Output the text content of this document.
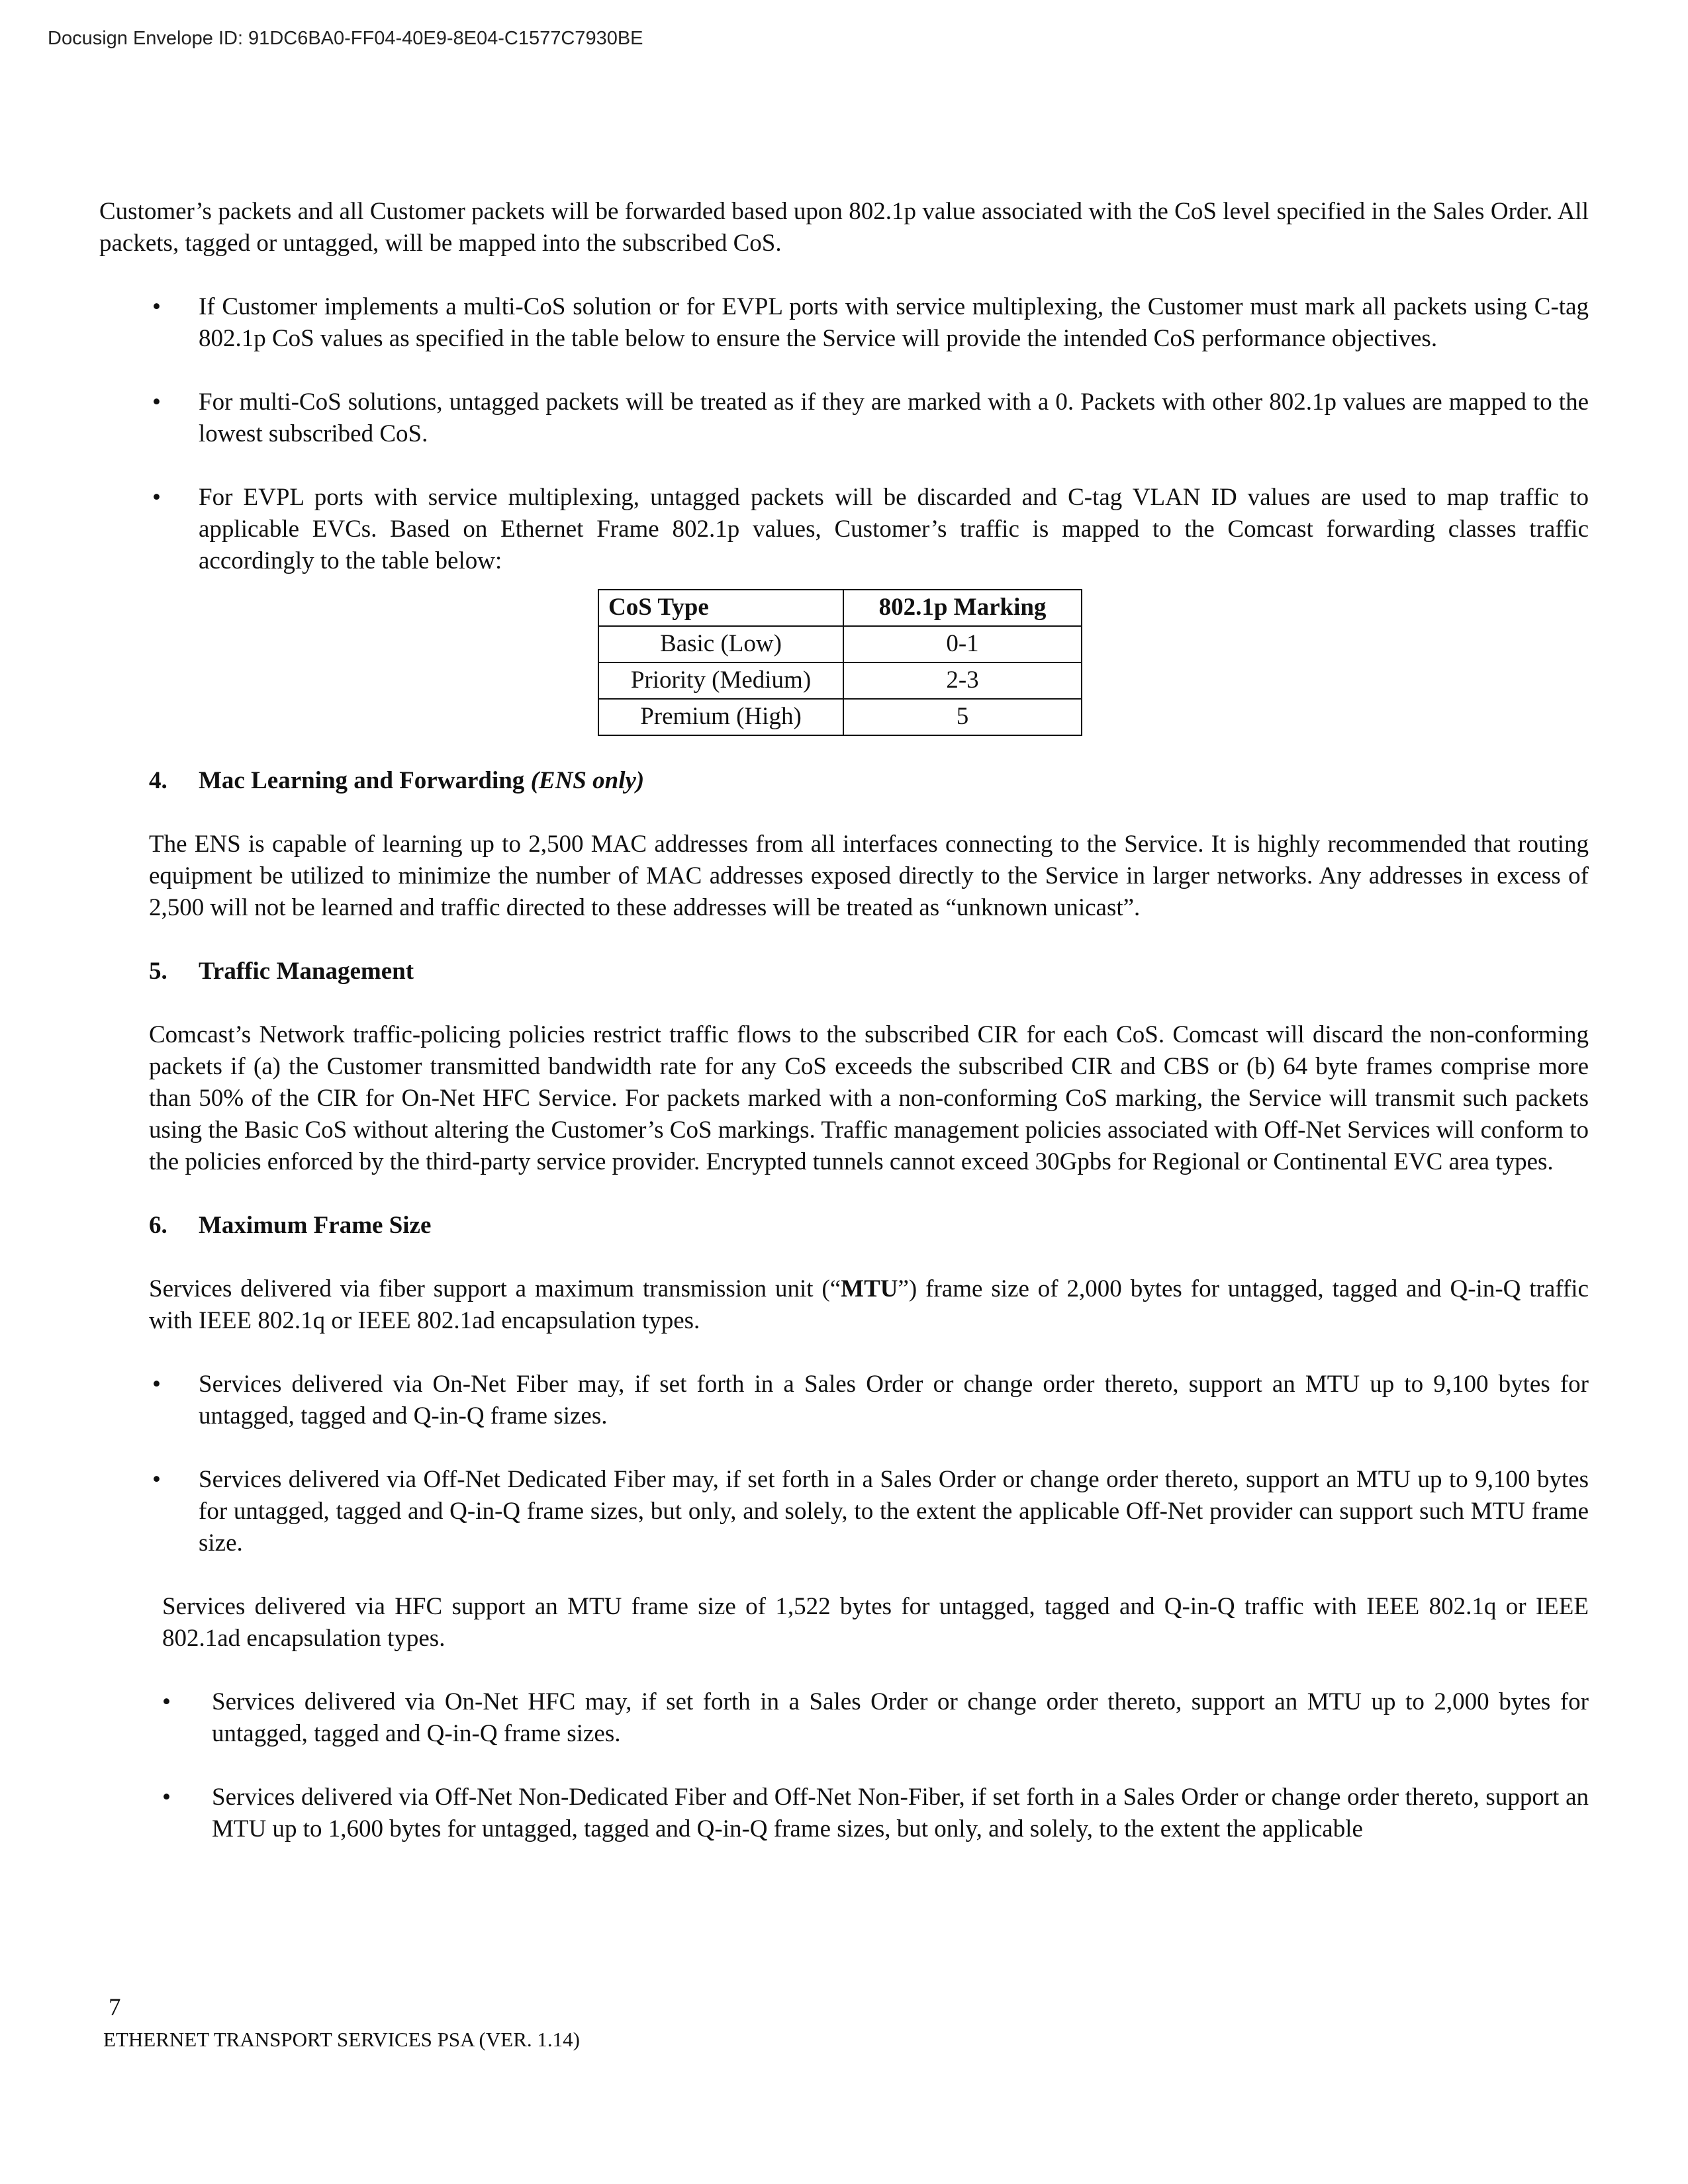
Docusign Envelope ID: 91DC6BA0-FF04-40E9-8E04-C1577C7930BE

Customer’s packets and all Customer packets will be forwarded based upon 802.1p value associated with the CoS level specified in the Sales Order. All packets, tagged or untagged, will be mapped into the subscribed CoS.

• If Customer implements a multi-CoS solution or for EVPL ports with service multiplexing, the Customer must mark all packets using C-tag 802.1p CoS values as specified in the table below to ensure the Service will provide the intended CoS performance objectives.
• For multi-CoS solutions, untagged packets will be treated as if they are marked with a 0. Packets with other 802.1p values are mapped to the lowest subscribed CoS.
• For EVPL ports with service multiplexing, untagged packets will be discarded and C-tag VLAN ID values are used to map traffic to applicable EVCs. Based on Ethernet Frame 802.1p values, Customer’s traffic is mapped to the Comcast forwarding classes traffic accordingly to the table below:
CoS Type	802.1p Marking
Basic (Low)	0-1
Priority (Medium)	2-3
Premium (High)	5
4. Mac Learning and Forwarding (ENS only)

The ENS is capable of learning up to 2,500 MAC addresses from all interfaces connecting to the Service. It is highly recommended that routing equipment be utilized to minimize the number of MAC addresses exposed directly to the Service in larger networks. Any addresses in excess of 2,500 will not be learned and traffic directed to these addresses will be treated as “unknown unicast”.

5. Traffic Management

Comcast’s Network traffic-policing policies restrict traffic flows to the subscribed CIR for each CoS. Comcast will discard the non-conforming packets if (a) the Customer transmitted bandwidth rate for any CoS exceeds the subscribed CIR and CBS or (b) 64 byte frames comprise more than 50% of the CIR for On-Net HFC Service. For packets marked with a non-conforming CoS marking, the Service will transmit such packets using the Basic CoS without altering the Customer’s CoS markings. Traffic management policies associated with Off-Net Services will conform to the policies enforced by the third-party service provider. Encrypted tunnels cannot exceed 30Gpbs for Regional or Continental EVC area types.

6. Maximum Frame Size

Services delivered via fiber support a maximum transmission unit (“MTU”) frame size of 2,000 bytes for untagged, tagged and Q-in-Q traffic with IEEE 802.1q or IEEE 802.1ad encapsulation types.

• Services delivered via On-Net Fiber may, if set forth in a Sales Order or change order thereto, support an MTU up to 9,100 bytes for untagged, tagged and Q-in-Q frame sizes.
• Services delivered via Off-Net Dedicated Fiber may, if set forth in a Sales Order or change order thereto, support an MTU up to 9,100 bytes for untagged, tagged and Q-in-Q frame sizes, but only, and solely, to the extent the applicable Off-Net provider can support such MTU frame size.

Services delivered via HFC support an MTU frame size of 1,522 bytes for untagged, tagged and Q-in-Q traffic with IEEE 802.1q or IEEE 802.1ad encapsulation types.

• Services delivered via On-Net HFC may, if set forth in a Sales Order or change order thereto, support an MTU up to 2,000 bytes for untagged, tagged and Q-in-Q frame sizes.
• Services delivered via Off-Net Non-Dedicated Fiber and Off-Net Non-Fiber, if set forth in a Sales Order or change order thereto, support an MTU up to 1,600 bytes for untagged, tagged and Q-in-Q frame sizes, but only, and solely, to the extent the applicable
7
ETHERNET TRANSPORT SERVICES PSA (VER. 1.14)
